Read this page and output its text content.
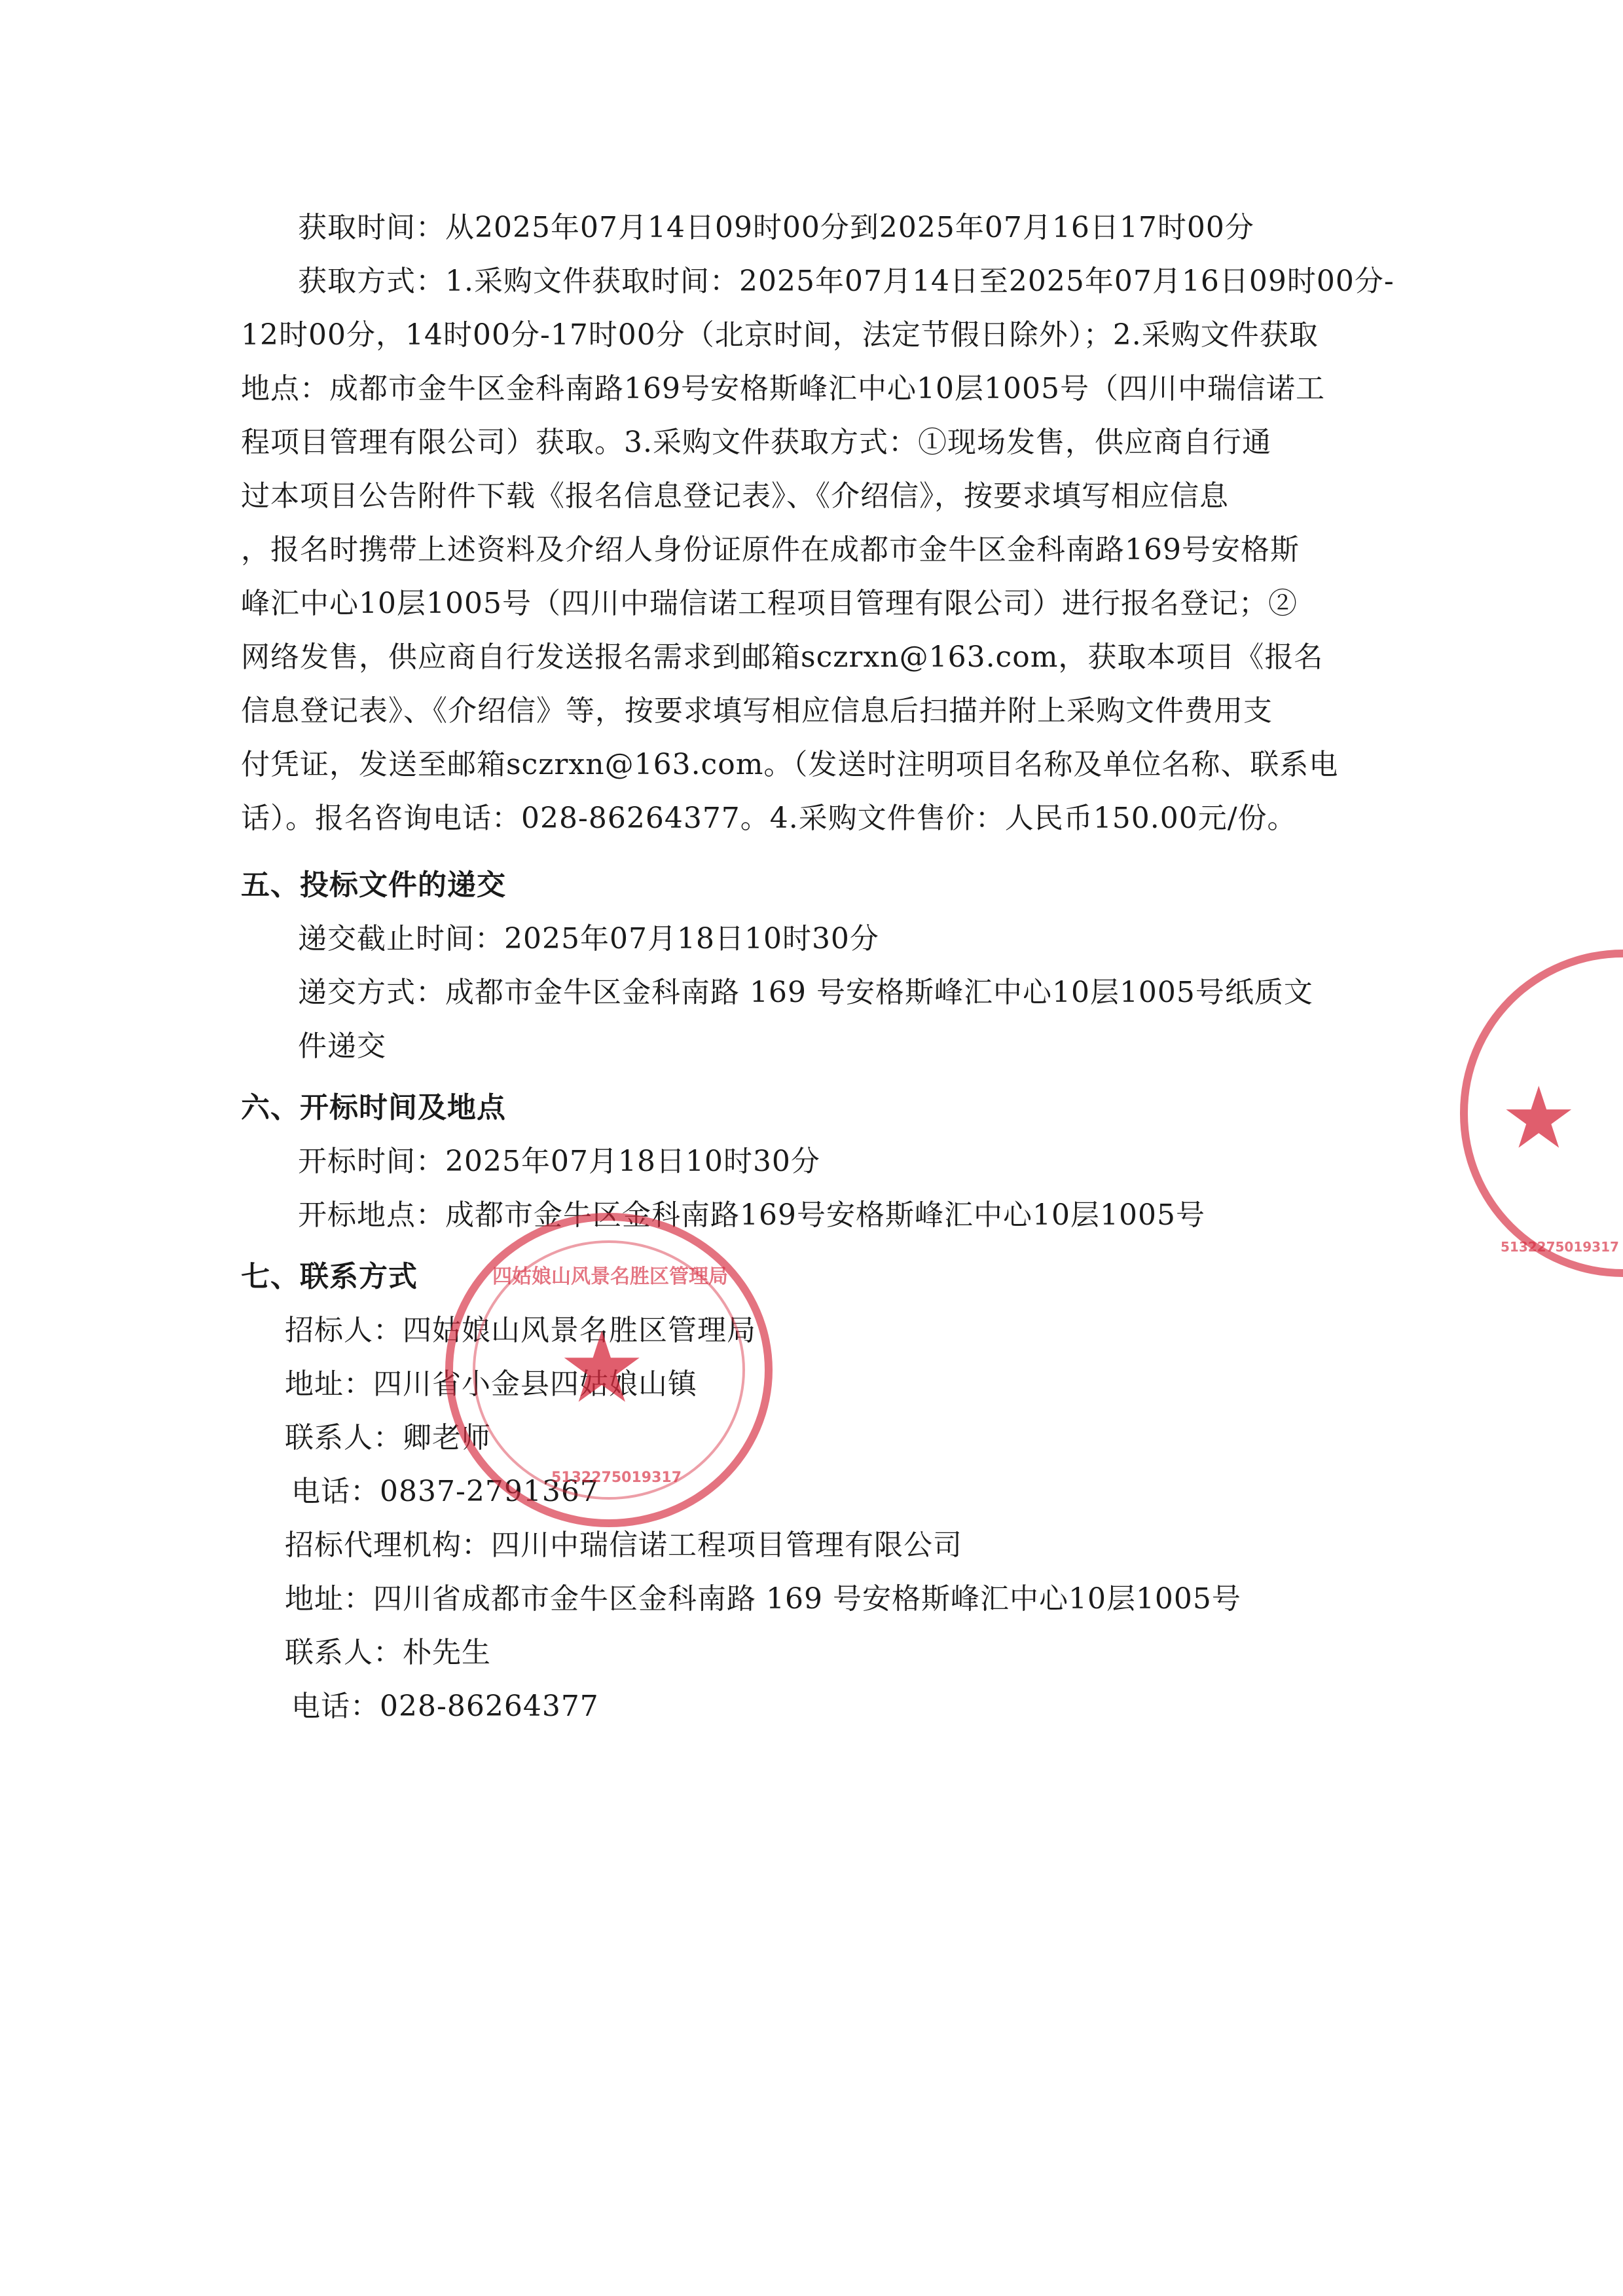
获取时间：从2025年07月14日09时00分到2025年07月16日17时00分
获取方式：1.采购文件获取时间：2025年07月14日至2025年07月16日09时00分-
12时00分，14时00分-17时00分（北京时间，法定节假日除外）；2.采购文件获取
地点：成都市金牛区金科南路169号安格斯峰汇中心10层1005号（四川中瑞信诺工
程项目管理有限公司）获取。3.采购文件获取方式：①现场发售，供应商自行通
过本项目公告附件下载《报名信息登记表》、《介绍信》，按要求填写相应信息
，报名时携带上述资料及介绍人身份证原件在成都市金牛区金科南路169号安格斯
峰汇中心10层1005号（四川中瑞信诺工程项目管理有限公司）进行报名登记；②
网络发售，供应商自行发送报名需求到邮箱sczrxn@163.com，获取本项目《报名
信息登记表》、《介绍信》等，按要求填写相应信息后扫描并附上采购文件费用支
付凭证，发送至邮箱sczrxn@163.com。（发送时注明项目名称及单位名称、联系电
话）。报名咨询电话：028-86264377。4.采购文件售价：人民币150.00元/份。
五、投标文件的递交
递交截止时间：2025年07月18日10时30分
递交方式：成都市金牛区金科南路 169 号安格斯峰汇中心10层1005号纸质文
件递交
六、开标时间及地点
开标时间：2025年07月18日10时30分
开标地点：成都市金牛区金科南路169号安格斯峰汇中心10层1005号
七、联系方式
招标人：四姑娘山风景名胜区管理局
地址：四川省小金县四姑娘山镇
联系人：卿老师
电话：0837-2791367
招标代理机构：四川中瑞信诺工程项目管理有限公司
地址：四川省成都市金牛区金科南路 169 号安格斯峰汇中心10层1005号
联系人：朴先生
电话：028-86264377
★
四姑娘山风景名胜区管理局
5132275019317
★
5132275019317
